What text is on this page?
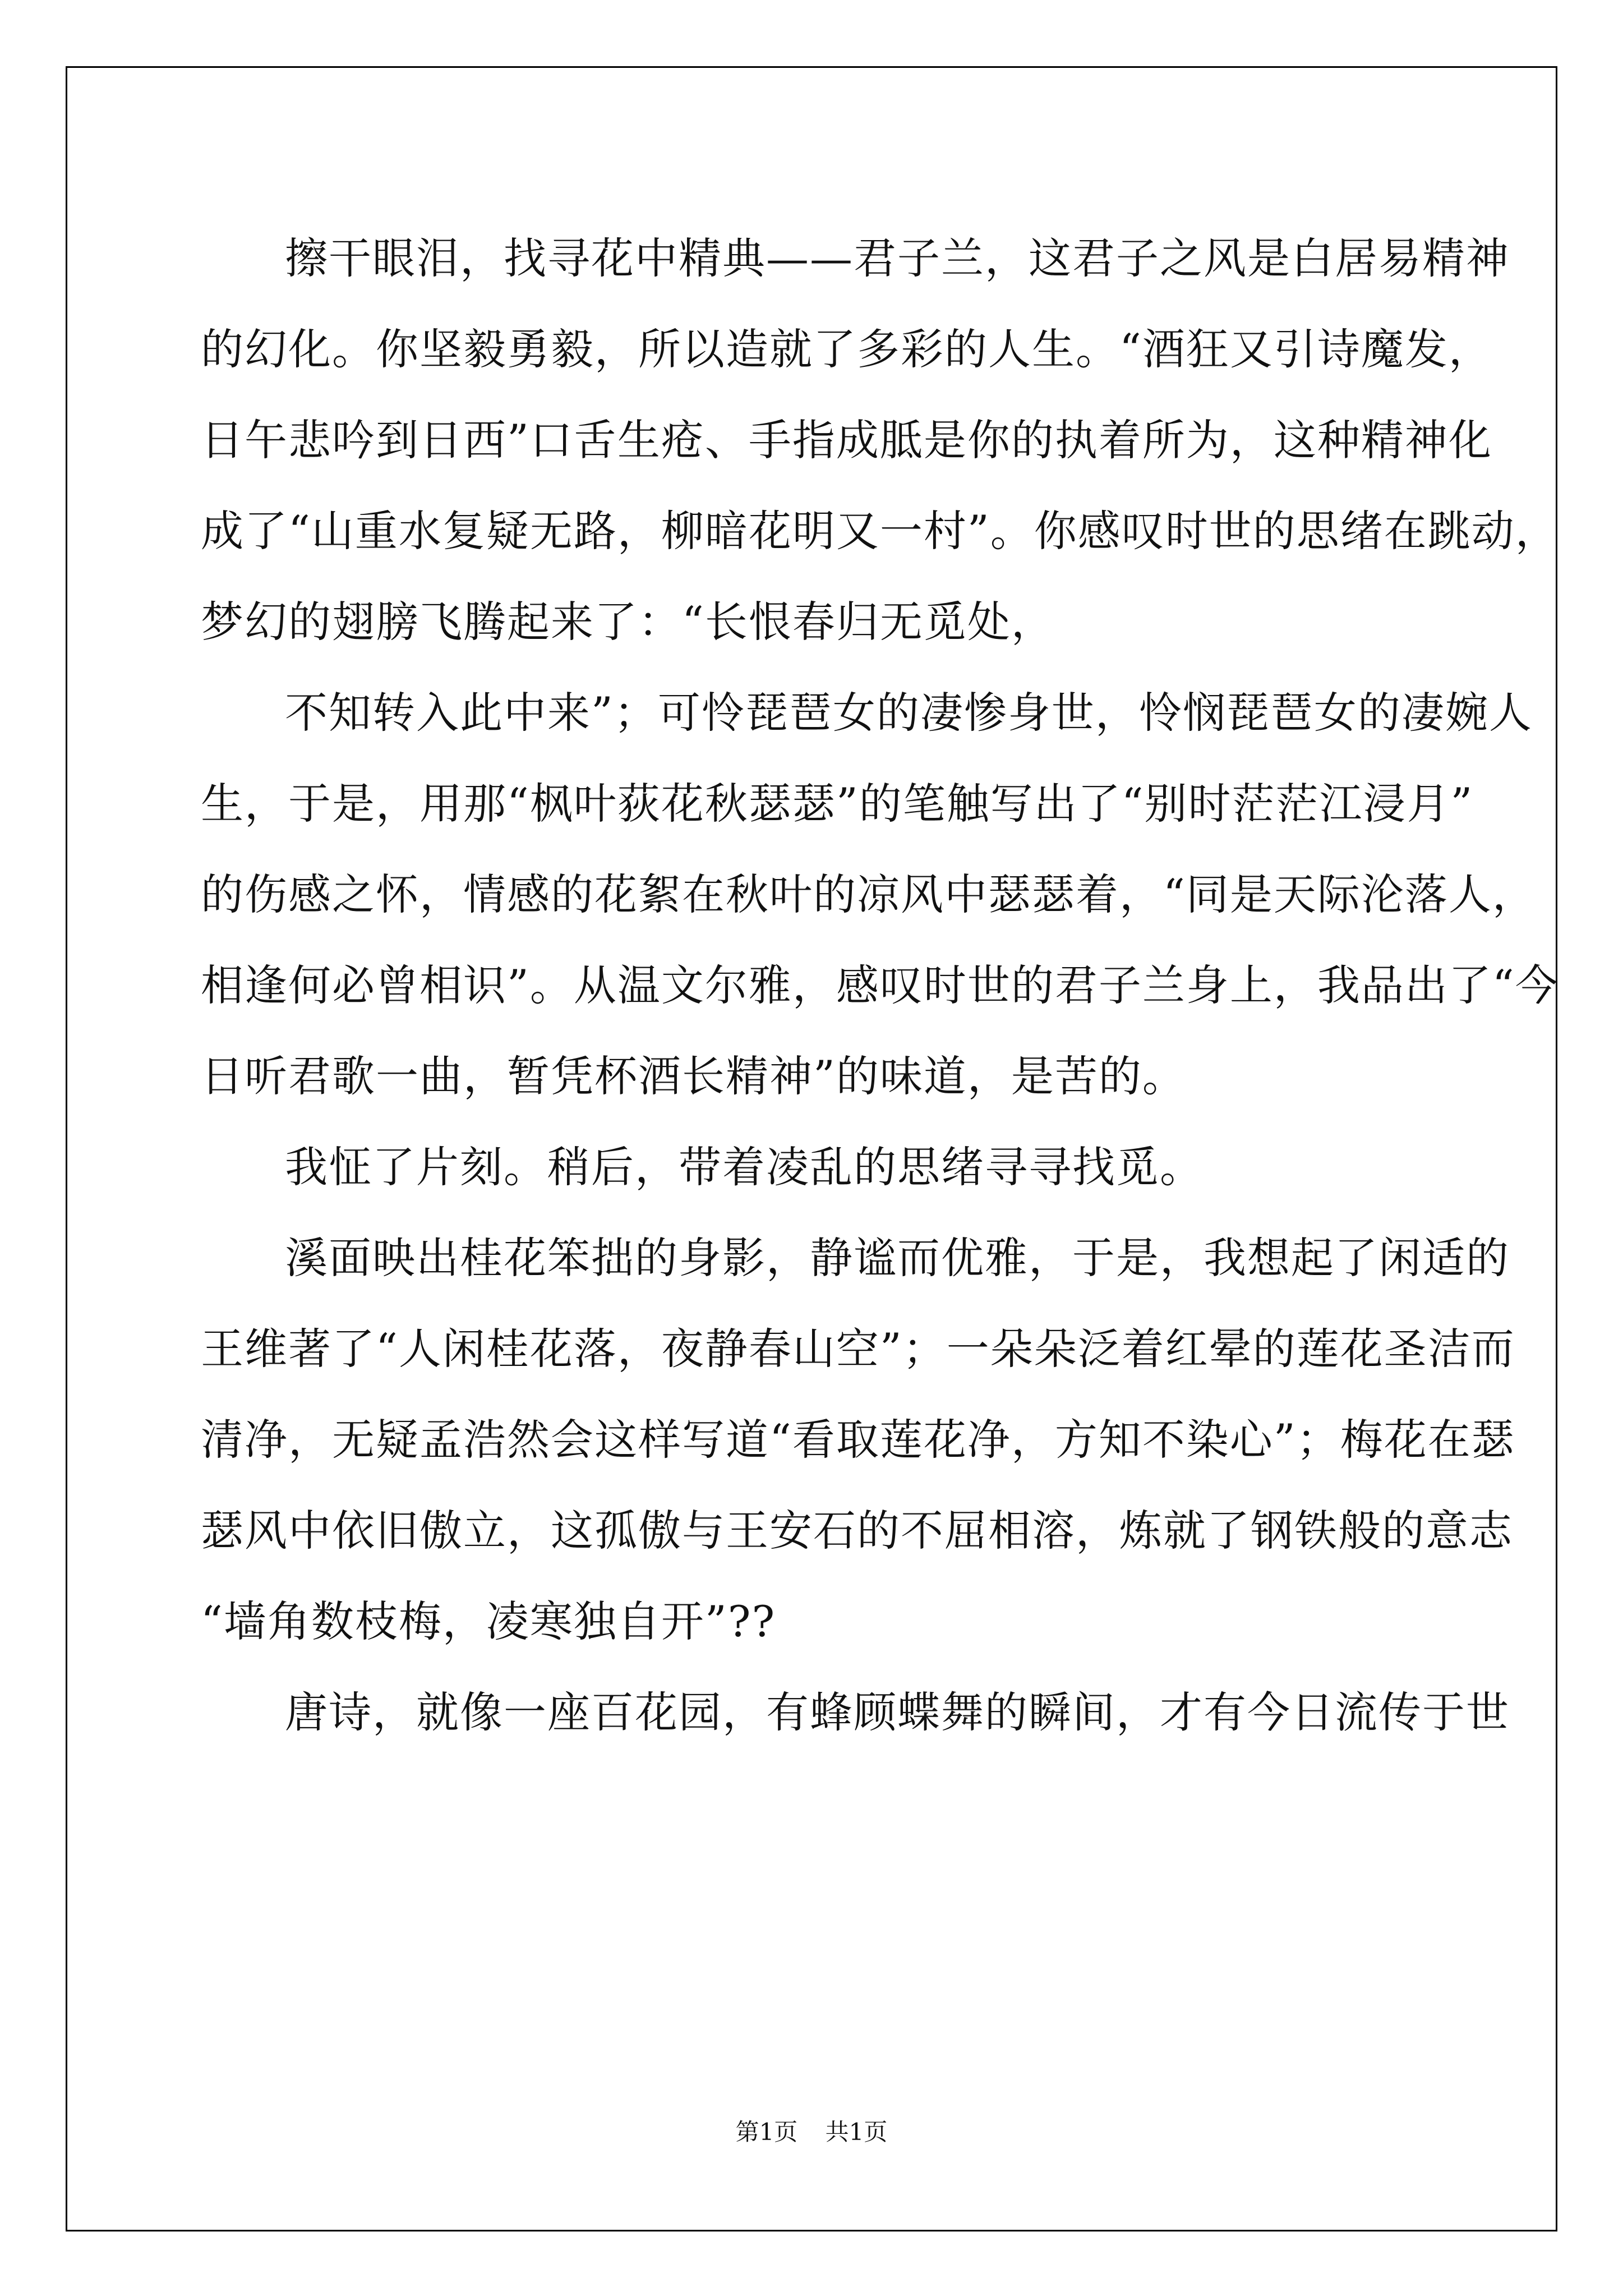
擦干眼泪，找寻花中精典——君子兰，这君子之风是白居易精神
的幻化。你坚毅勇毅，所以造就了多彩的人生。“酒狂又引诗魔发，
日午悲吟到日西”口舌生疮、手指成胝是你的执着所为，这种精神化
成了“山重水复疑无路，柳暗花明又一村”。你感叹时世的思绪在跳动，
梦幻的翅膀飞腾起来了：“长恨春归无觅处，
不知转入此中来”；可怜琵琶女的凄惨身世，怜悯琵琶女的凄婉人
生，于是，用那“枫叶荻花秋瑟瑟”的笔触写出了“别时茫茫江浸月”
的伤感之怀，情感的花絮在秋叶的凉风中瑟瑟着，“同是天际沦落人，
相逢何必曾相识”。从温文尔雅，感叹时世的君子兰身上，我品出了“今
日听君歌一曲，暂凭杯酒长精神”的味道，是苦的。
我怔了片刻。稍后，带着凌乱的思绪寻寻找觅。
溪面映出桂花笨拙的身影，静谧而优雅，于是，我想起了闲适的
王维著了“人闲桂花落，夜静春山空”；一朵朵泛着红晕的莲花圣洁而
清净，无疑孟浩然会这样写道“看取莲花净，方知不染心”；梅花在瑟
瑟风中依旧傲立，这孤傲与王安石的不屈相溶，炼就了钢铁般的意志
“墙角数枝梅，凌寒独自开”??
唐诗，就像一座百花园，有蜂顾蝶舞的瞬间，才有今日流传于世
第1页 共1页
